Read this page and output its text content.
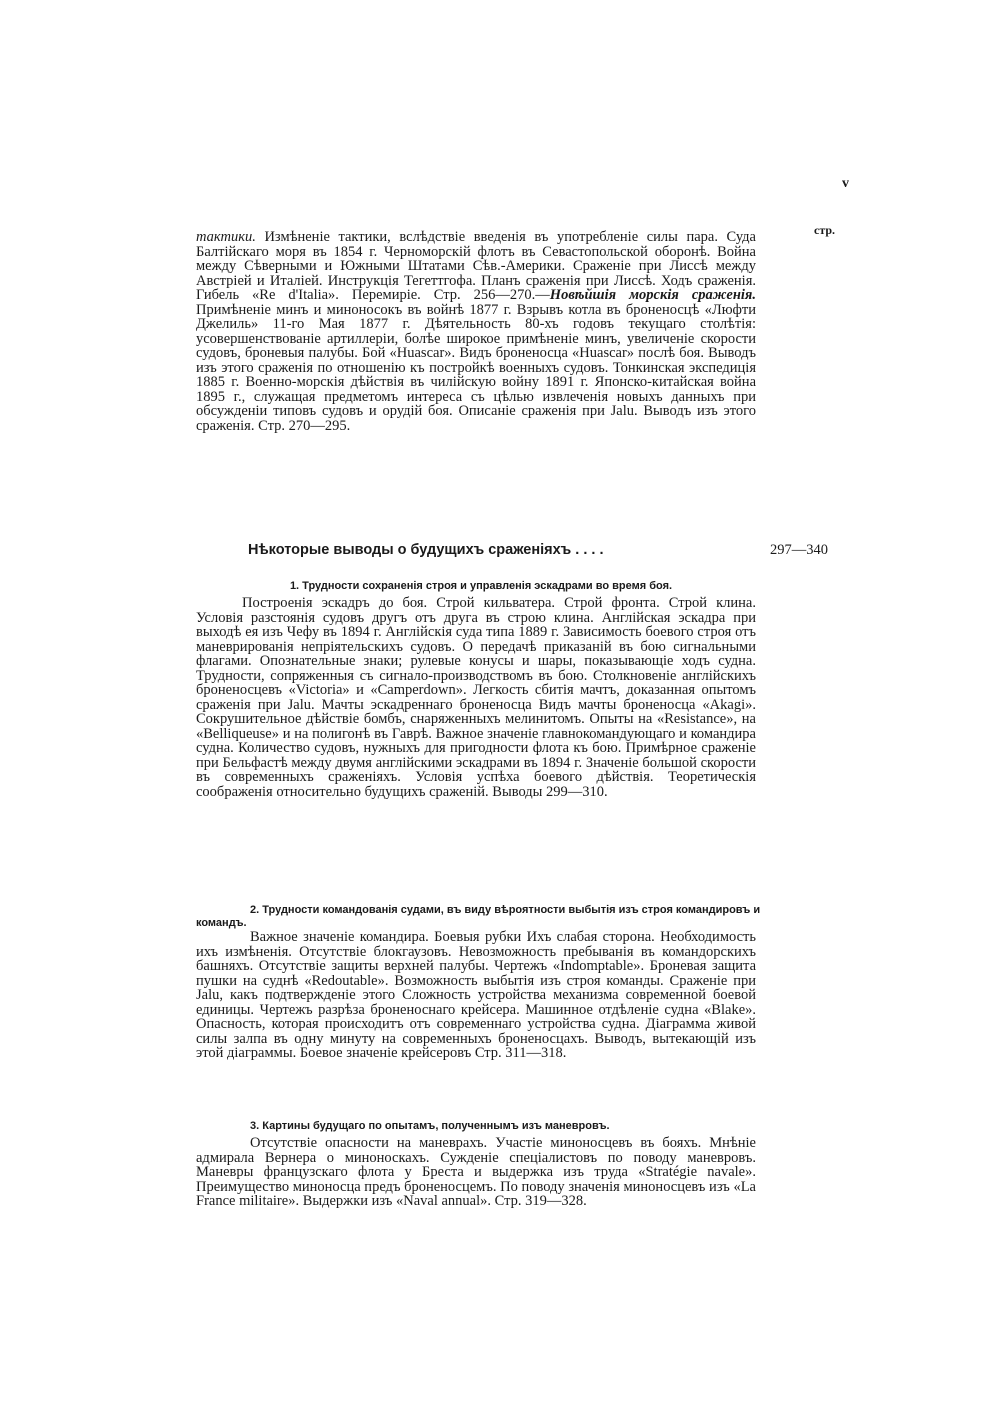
v
стр.

тактики. Измѣненіе тактики, вслѣдствіе введенія въ употребленіе силы пара. Суда Балтійскаго моря въ 1854 г. Черноморскій флотъ въ Севастопольской оборонѣ. Война между Сѣверными и Южными Штатами Сѣв.-Америки. Сраженіе при Лиссѣ между Австріей и Италіей. Инструкція Тегеттгофа. Планъ сраженія при Лиссѣ. Ходъ сраженія. Гибель «Re d'Italia». Перемиріе. Стр. 256—270.—Новѣйшія морскія сраженія. Примѣненіе минъ и миноносокъ въ войнѣ 1877 г. Взрывъ котла въ броненосцѣ «Люфти Джелиль» 11-го Мая 1877 г. Дѣятельность 80-хъ годовъ текущаго столѣтія: усовершенствованіе артиллеріи, болѣе широкое примѣненіе минъ, увеличеніе скорости судовъ, броневыя палубы. Бой «Huascar». Видъ броненосца «Huascar» послѣ боя. Выводъ изъ этого сраженія по отношенію къ постройкѣ военныхъ судовъ. Тонкинская экспедиція 1885 г. Военно-морскія дѣйствія въ чилійскую войну 1891 г. Японско-китайская война 1895 г., служащая предметомъ интереса съ цѣлью извлеченія новыхъ данныхъ при обсужденіи типовъ судовъ и орудій боя. Описаніе сраженія при Jalu. Выводъ изъ этого сраженія. Стр. 270—295.

Нѣкоторые выводы о будущихъ сраженіяхъ . . . .	297—340

1. Трудности сохраненія строя и управленія эскадрами во время боя.

Построенія эскадръ до боя. Строй кильватера. Строй фронта. Строй клина. Условія разстоянія судовъ другъ отъ друга въ строю клина. Англійская эскадра при выходѣ ея изъ Чефу въ 1894 г. Англійскія суда типа 1889 г. Зависимость боевого строя отъ маневрированія непріятельскихъ судовъ. О передачѣ приказаній въ бою сигнальными флагами. Опознательные знаки; рулевые конусы и шары, показывающіе ходъ судна. Трудности, сопряженныя съ сигнало-производствомъ въ бою. Столкновеніе англійскихъ броненосцевъ «Victoria» и «Camperdown». Легкость сбитія мачтъ, доказанная опытомъ сраженія при Jalu. Мачты эскадреннаго броненосца Видъ мачты броненосца «Akagi». Сокрушительное дѣйствіе бомбъ, снаряженныхъ мелинитомъ. Опыты на «Resistance», на «Belliqueuse» и на полигонѣ въ Гаврѣ. Важное значеніе главнокомандующаго и командира судна. Количество судовъ, нужныхъ для пригодности флота къ бою. Примѣрное сраженіе при Бельфастѣ между двумя англійскими эскадрами въ 1894 г. Значеніе большой скорости въ современныхъ сраженіяхъ. Условія успѣха боевого дѣйствія. Теоретическія соображенія относительно будущихъ сраженій. Выводы 299—310.

2. Трудности командованія судами, въ виду вѣроятности выбытія изъ строя командировъ и командъ.

Важное значеніе командира. Боевыя рубки Ихъ слабая сторона. Необходимость ихъ измѣненія. Отсутствіе блокгаузовъ. Невозможность пребыванія въ командорскихъ башняхъ. Отсутствіе защиты верхней палубы. Чертежъ «Indomptable». Броневая защита пушки на суднѣ «Redoutable». Возможность выбытія изъ строя команды. Сраженіе при Jalu, какъ подтвержденіе этого Сложность устройства механизма современной боевой единицы. Чертежъ разрѣза броненоснаго крейсера. Машинное отдѣленіе судна «Blake». Опасность, которая происходитъ отъ современнаго устройства судна. Діаграмма живой силы залпа въ одну минуту на современныхъ броненосцахъ. Выводъ, вытекающій изъ этой діаграммы. Боевое значеніе крейсеровъ Стр. 311—318.

3. Картины будущаго по опытамъ, полученнымъ изъ маневровъ.

Отсутствіе опасности на маневрахъ. Участіе миноносцевъ въ бояхъ. Мнѣніе адмирала Вернера о миноноскахъ. Сужденіе спеціалистовъ по поводу маневровъ. Маневры французскаго флота у Бреста и выдержка изъ труда «Stratégie navale». Преимущество миноносца предъ броненосцемъ. По поводу значенія миноносцевъ изъ «La France militaire». Выдержки изъ «Naval annual». Стр. 319—328.
